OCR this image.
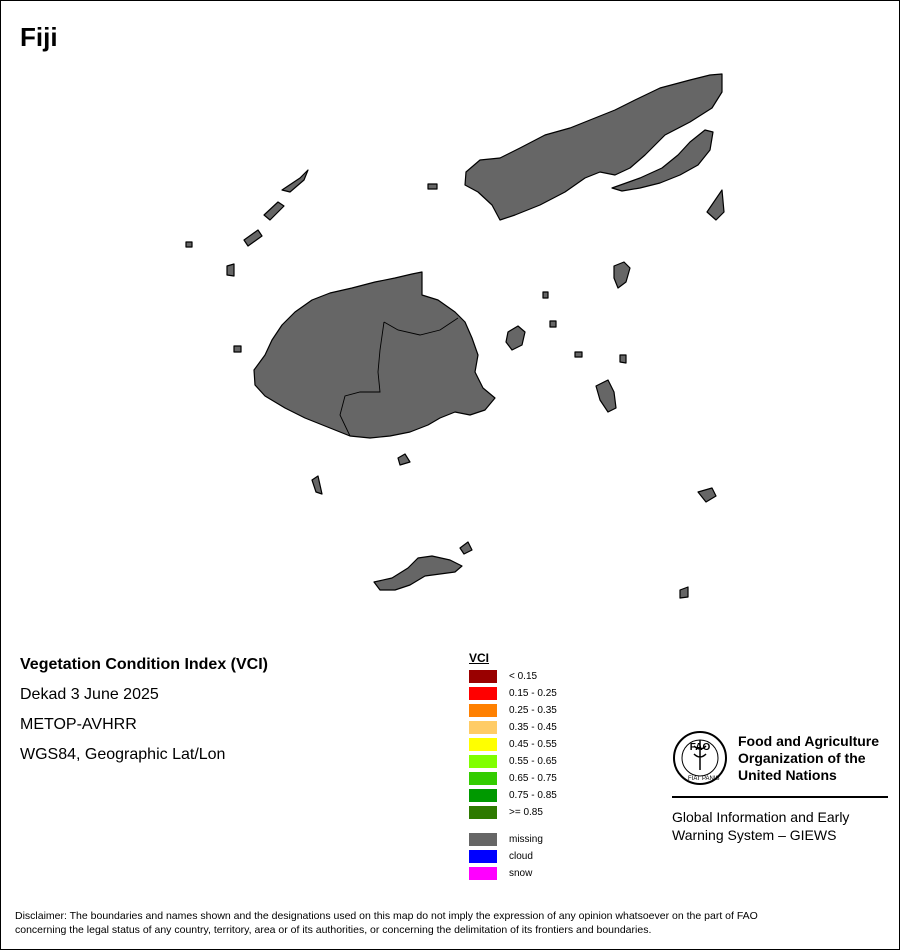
Fiji
Vegetation Condition Index (VCI)
Dekad 3 June 2025
METOP-AVHRR
WGS84, Geographic Lat/Lon
VCI
< 0.15
0.15 - 0.25
0.25 - 0.35
0.35 - 0.45
0.45 - 0.55
0.55 - 0.65
0.65 - 0.75
0.75 - 0.85
>= 0.85
missing
cloud
snow
FAO
FIAT PANIS
Food and Agriculture
Organization of the
United Nations
Global Information and Early
Warning System – GIEWS
Disclaimer: The boundaries and names shown and the designations used on this map do not imply the expression of any opinion whatsoever on the part of FAO
concerning the legal status of any country, territory, area or of its authorities, or concerning the delimitation of its frontiers and boundaries.
